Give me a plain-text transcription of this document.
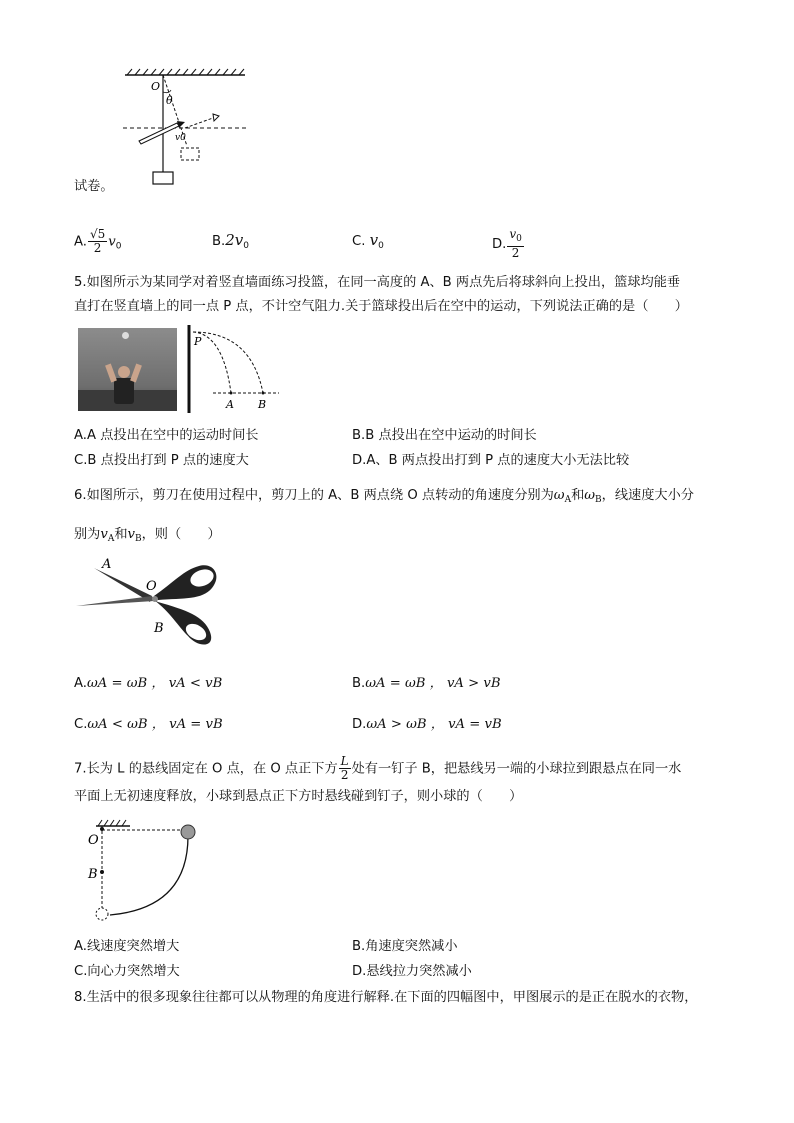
O
θ
v0
试卷。
A. $\frac{√5}{2} v_0$	$B.2v_0$	C. $v_0$	D. $\frac{v_0}{2}$
5.如图所示为某同学对着竖直墙面练习投篮，在同一高度的 A、B 两点先后将球斜向上投出，篮球均能垂
直打在竖直墙上的同一点 P 点，不计空气阻力.关于篮球投出后在空中的运动，下列说法正确的是（　　）
P
A B
A.A 点投出在空中的运动时间长	B.B 点投出在空中运动的时间长
C.B 点投出打到 P 点的速度大	D.A、B 两点投出打到 P 点的速度大小无法比较
6.如图所示，剪刀在使用过程中，剪刀上的 A、B 两点绕 O 点转动的角速度分别为$\omega_A$和$\omega_B$，线速度大小分
别为$v_A$和$v_B$，则（　　）
A
O
B
A.ωA = ωB ， vA < vB	B.ωA = ωB ， vA > vB
C.ωA < ωB ， vA = vB	D.ωA > ωB ， vA = vB
7.长为 L 的悬线固定在 O 点，在 O 点正下方 $\frac{L}{2}$ 处有一钉子 B，把悬线另一端的小球拉到跟悬点在同一水
平面上无初速度释放，小球到悬点正下方时悬线碰到钉子，则小球的（　　）
O
B
A.线速度突然增大	B.角速度突然减小
C.向心力突然增大	D.悬线拉力突然减小
8.生活中的很多现象往往都可以从物理的角度进行解释.在下面的四幅图中，甲图展示的是正在脱水的衣物，
